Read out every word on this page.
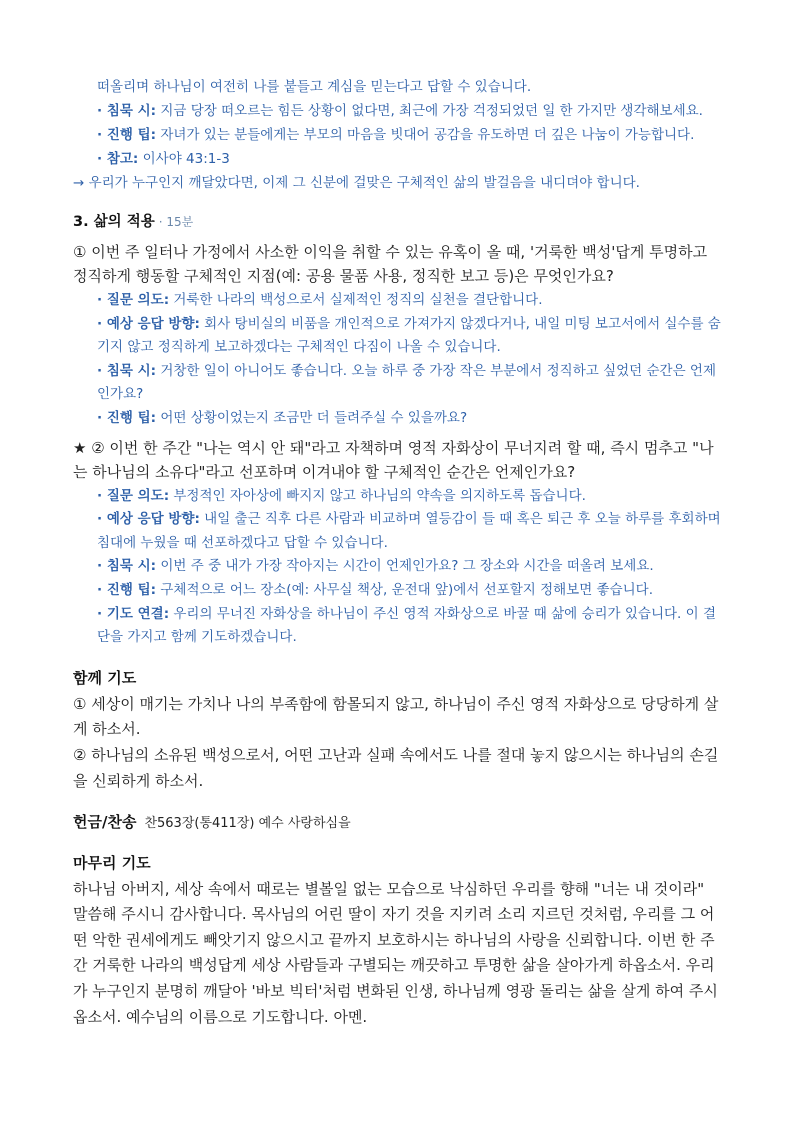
떠올리며 하나님이 여전히 나를 붙들고 계심을 믿는다고 답할 수 있습니다.
· 침묵 시: 지금 당장 떠오르는 힘든 상황이 없다면, 최근에 가장 걱정되었던 일 한 가지만 생각해보세요.
· 진행 팁: 자녀가 있는 분들에게는 부모의 마음을 빗대어 공감을 유도하면 더 깊은 나눔이 가능합니다.
· 참고: 이사야 43:1-3
→ 우리가 누구인지 깨달았다면, 이제 그 신분에 걸맞은 구체적인 삶의 발걸음을 내디뎌야 합니다.
3. 삶의 적용 · 15분
① 이번 주 일터나 가정에서 사소한 이익을 취할 수 있는 유혹이 올 때, '거룩한 백성'답게 투명하고 정직하게 행동할 구체적인 지점(예: 공용 물품 사용, 정직한 보고 등)은 무엇인가요?
· 질문 의도: 거룩한 나라의 백성으로서 실제적인 정직의 실천을 결단합니다.
· 예상 응답 방향: 회사 탕비실의 비품을 개인적으로 가져가지 않겠다거나, 내일 미팅 보고서에서 실수를 숨기지 않고 정직하게 보고하겠다는 구체적인 다짐이 나올 수 있습니다.
· 침묵 시: 거창한 일이 아니어도 좋습니다. 오늘 하루 중 가장 작은 부분에서 정직하고 싶었던 순간은 언제인가요?
· 진행 팁: 어떤 상황이었는지 조금만 더 들려주실 수 있을까요?
★ ② 이번 한 주간 "나는 역시 안 돼"라고 자책하며 영적 자화상이 무너지려 할 때, 즉시 멈추고 "나는 하나님의 소유다"라고 선포하며 이겨내야 할 구체적인 순간은 언제인가요?
· 질문 의도: 부정적인 자아상에 빠지지 않고 하나님의 약속을 의지하도록 돕습니다.
· 예상 응답 방향: 내일 출근 직후 다른 사람과 비교하며 열등감이 들 때 혹은 퇴근 후 오늘 하루를 후회하며 침대에 누웠을 때 선포하겠다고 답할 수 있습니다.
· 침묵 시: 이번 주 중 내가 가장 작아지는 시간이 언제인가요? 그 장소와 시간을 떠올려 보세요.
· 진행 팁: 구체적으로 어느 장소(예: 사무실 책상, 운전대 앞)에서 선포할지 정해보면 좋습니다.
· 기도 연결: 우리의 무너진 자화상을 하나님이 주신 영적 자화상으로 바꿀 때 삶에 승리가 있습니다. 이 결단을 가지고 함께 기도하겠습니다.
함께 기도
① 세상이 매기는 가치나 나의 부족함에 함몰되지 않고, 하나님이 주신 영적 자화상으로 당당하게 살게 하소서.
② 하나님의 소유된 백성으로서, 어떤 고난과 실패 속에서도 나를 절대 놓지 않으시는 하나님의 손길을 신뢰하게 하소서.
헌금/찬송 찬563장(통411장) 예수 사랑하심을
마무리 기도
하나님 아버지, 세상 속에서 때로는 별볼일 없는 모습으로 낙심하던 우리를 향해 "너는 내 것이라" 말씀해 주시니 감사합니다. 목사님의 어린 딸이 자기 것을 지키려 소리 지르던 것처럼, 우리를 그 어떤 악한 권세에게도 빼앗기지 않으시고 끝까지 보호하시는 하나님의 사랑을 신뢰합니다. 이번 한 주간 거룩한 나라의 백성답게 세상 사람들과 구별되는 깨끗하고 투명한 삶을 살아가게 하옵소서. 우리가 누구인지 분명히 깨달아 '바보 빅터'처럼 변화된 인생, 하나님께 영광 돌리는 삶을 살게 하여 주시옵소서. 예수님의 이름으로 기도합니다. 아멘.
